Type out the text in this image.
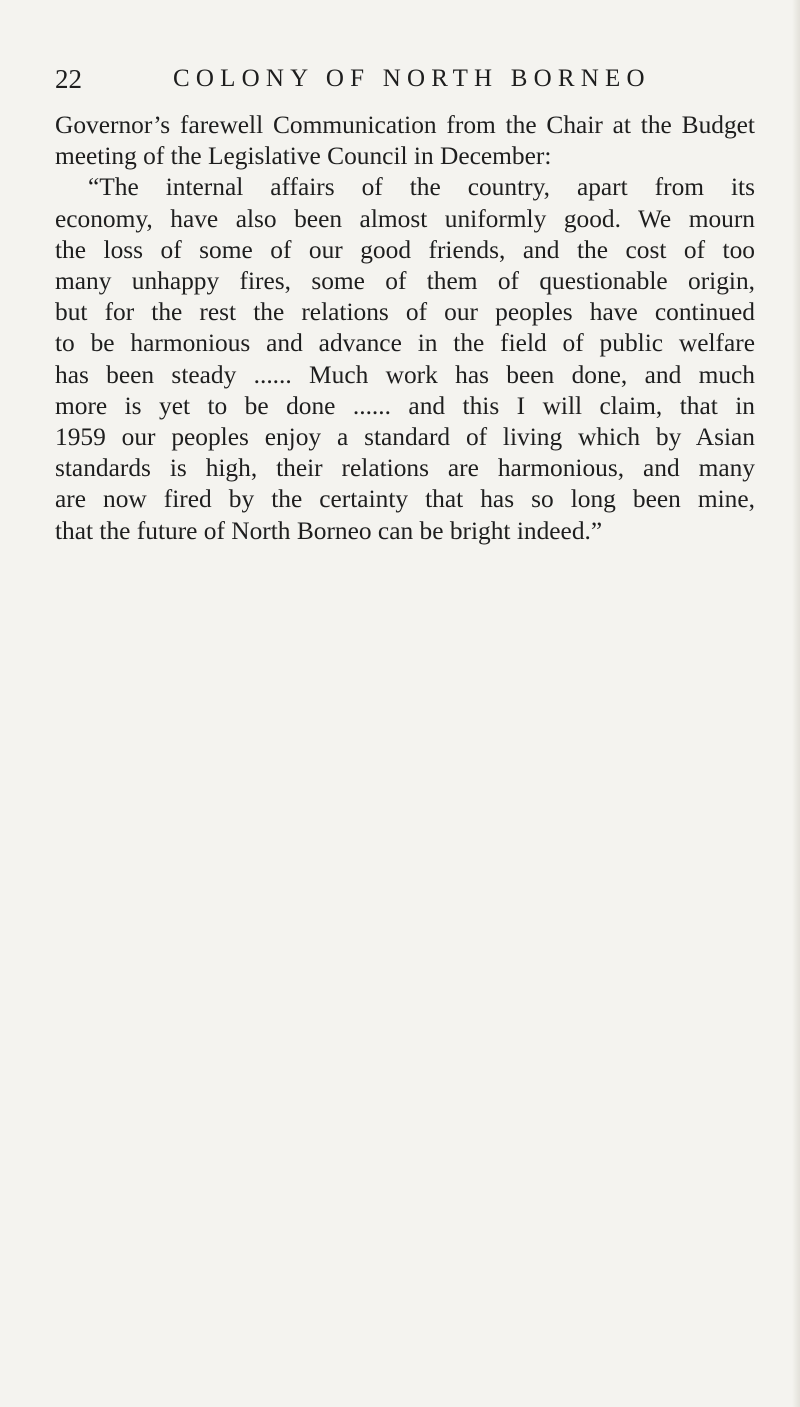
22	COLONY OF NORTH BORNEO
Governor’s farewell Communication from the Chair at the Budget
meeting of the Legislative Council in December:
“The internal affairs of the country, apart from its
economy, have also been almost uniformly good. We mourn
the loss of some of our good friends, and the cost of too
many unhappy fires, some of them of questionable origin,
but for the rest the relations of our peoples have continued
to be harmonious and advance in the field of public welfare
has been steady ...... Much work has been done, and much
more is yet to be done ...... and this I will claim, that in
1959 our peoples enjoy a standard of living which by Asian
standards is high, their relations are harmonious, and many
are now fired by the certainty that has so long been mine,
that the future of North Borneo can be bright indeed.”
